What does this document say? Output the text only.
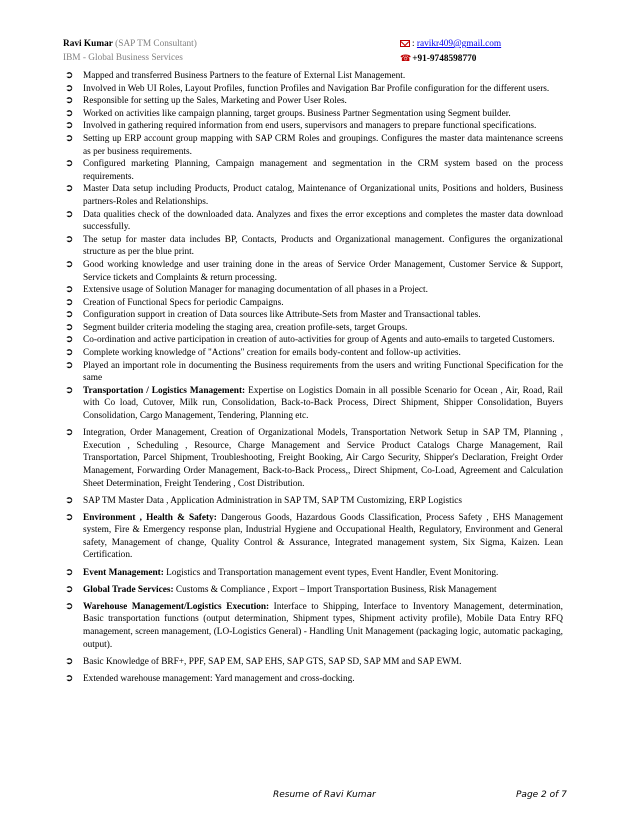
Ravi Kumar (SAP TM Consultant)
IBM - Global Business Services
: ravikr409@gmail.com
☎+91-9748598770
➲ Mapped and transferred Business Partners to the feature of External List Management.
➲ Involved in Web UI Roles, Layout Profiles, function Profiles and Navigation Bar Profile configuration for the different users.
➲ Responsible for setting up the Sales, Marketing and Power User Roles.
➲ Worked on activities like campaign planning, target groups. Business Partner Segmentation using Segment builder.
➲ Involved in gathering required information from end users, supervisors and managers to prepare functional specifications.
➲ Setting up ERP account group mapping with SAP CRM Roles and groupings. Configures the master data maintenance screens as per business requirements.
➲ Configured marketing Planning, Campaign management and segmentation in the CRM system based on the process requirements.
➲ Master Data setup including Products, Product catalog, Maintenance of Organizational units, Positions and holders, Business partners-Roles and Relationships.
➲ Data qualities check of the downloaded data. Analyzes and fixes the error exceptions and completes the master data download successfully.
➲ The setup for master data includes BP, Contacts, Products and Organizational management. Configures the organizational structure as per the blue print.
➲ Good working knowledge and user training done in the areas of Service Order Management, Customer Service & Support, Service tickets and Complaints & return processing.
➲ Extensive usage of Solution Manager for managing documentation of all phases in a Project.
➲ Creation of Functional Specs for periodic Campaigns.
➲ Configuration support in creation of Data sources like Attribute-Sets from Master and Transactional tables.
➲ Segment builder criteria modeling the staging area, creation profile-sets, target Groups.
➲ Co-ordination and active participation in creation of auto-activities for group of Agents and auto-emails to targeted Customers.
➲ Complete working knowledge of "Actions" creation for emails body-content and follow-up activities.
➲ Played an important role in documenting the Business requirements from the users and writing Functional Specification for the same
➲ Transportation / Logistics Management: Expertise on Logistics Domain in all possible Scenario for Ocean , Air, Road, Rail with Co load, Cutover, Milk run, Consolidation, Back-to-Back Process, Direct Shipment, Shipper Consolidation, Buyers Consolidation, Cargo Management, Tendering, Planning etc.
➲ Integration, Order Management, Creation of Organizational Models, Transportation Network Setup in SAP TM, Planning , Execution , Scheduling , Resource, Charge Management and Service Product Catalogs Charge Management, Rail Transportation, Parcel Shipment, Troubleshooting, Freight Booking, Air Cargo Security, Shipper's Declaration, Freight Order Management, Forwarding Order Management, Back-to-Back Process,, Direct Shipment, Co-Load, Agreement and Calculation Sheet Determination, Freight Tendering , Cost Distribution.
➲ SAP TM Master Data , Application Administration in SAP TM, SAP TM Customizing, ERP Logistics
➲ Environment , Health & Safety: Dangerous Goods, Hazardous Goods Classification, Process Safety , EHS Management system, Fire & Emergency response plan, Industrial Hygiene and Occupational Health, Regulatory, Environment and General safety, Management of change, Quality Control & Assurance, Integrated management system, Six Sigma, Kaizen. Lean Certification.
➲ Event Management: Logistics and Transportation management event types, Event Handler, Event Monitoring.
➲ Global Trade Services: Customs & Compliance , Export – Import Transportation Business, Risk Management
➲ Warehouse Management/Logistics Execution: Interface to Shipping, Interface to Inventory Management, determination, Basic transportation functions (output determination, Shipment types, Shipment activity profile), Mobile Data Entry RFQ management, screen management, (LO-Logistics General) - Handling Unit Management (packaging logic, automatic packaging, output).
➲ Basic Knowledge of BRF+, PPF, SAP EM, SAP EHS, SAP GTS, SAP SD, SAP MM and SAP EWM.
➲ Extended warehouse management: Yard management and cross-docking.
Resume of Ravi Kumar	Page 2 of 7
